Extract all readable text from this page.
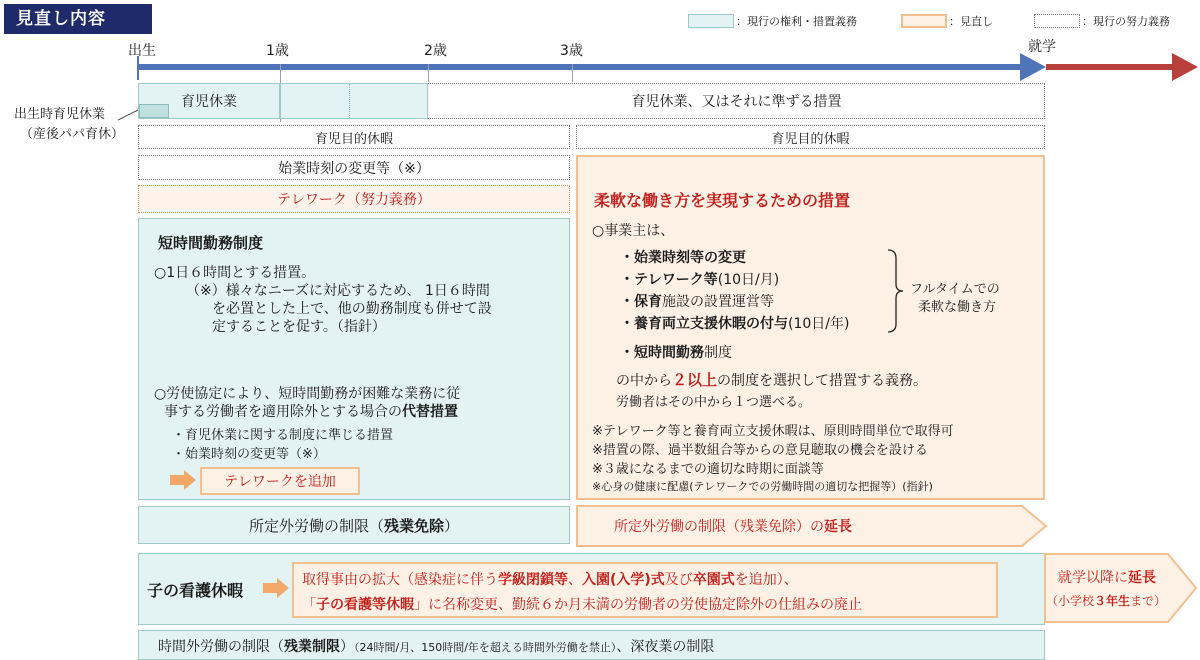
見直し内容	：現行の権利・措置義務	：見直し	：現行の努力義務
出生	1歳	2歳	3歳	就学
出生時育児休業
（産後パパ育休）
育児休業	育児休業、又はそれに準ずる措置
育児目的休暇	育児目的休暇
始業時刻の変更等（※）
テレワーク（努力義務）
短時間勤務制度
○1日６時間とする措置。
（※）様々なニーズに対応するため、 1日６時間
を必置とした上で、他の勤務制度も併せて設
定することを促す。（指針）
○労使協定により、短時間勤務が困難な業務に従
事する労働者を適用除外とする場合の代替措置
・育児休業に関する制度に準じる措置
・始業時刻の変更等（※）
テレワークを追加
柔軟な働き方を実現するための措置
○事業主は、
・始業時刻等の変更
・テレワーク等(10日/月)
・保育施設の設置運営等
・養育両立支援休暇の付与(10日/年)
・短時間勤務制度
フルタイムでの
柔軟な働き方
の中から２以上の制度を選択して措置する義務。
労働者はその中から１つ選べる。
※テレワーク等と養育両立支援休暇は、原則時間単位で取得可
※措置の際、過半数組合等からの意見聴取の機会を設ける
※３歳になるまでの適切な時期に面談等
※心身の健康に配慮(テレワークでの労働時間の適切な把握等）(指針)
所定外労働の制限（ 残業免除 ）	所定外労働の制限（残業免除）の延長
子の看護休暇
取得事由の拡大（感染症に伴う学級閉鎖等、入園(入学)式及び卒園式を追加）、
「子の看護等休暇」に名称変更、勤続６か月未満の労働者の労使協定除外の仕組みの廃止
就学以降に延長
（小学校３年生まで）
時間外労働の制限（残業制限）（24時間/月、150時間/年を超える時間外労働を禁止）、深夜業の制限
